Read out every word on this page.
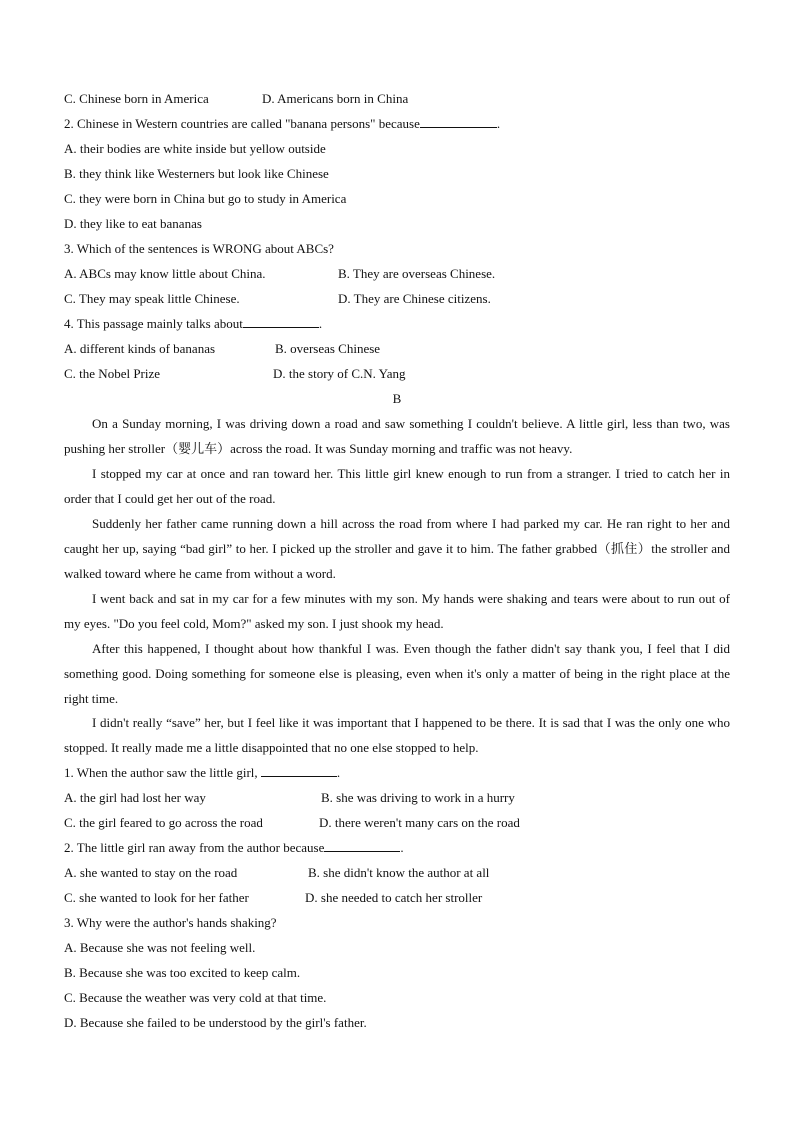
C. Chinese born in America	D. Americans born in China
2. Chinese in Western countries are called "banana persons" because	.
A. their bodies are white inside but yellow outside
B. they think like Westerners but look like Chinese
C. they were born in China but go to study in America
D. they like to eat bananas
3. Which of the sentences is WRONG about ABCs?
A. ABCs may know little about China.	B. They are overseas Chinese.
C. They may speak little Chinese.	D. They are Chinese citizens.
4. This passage mainly talks about	.
A. different kinds of bananas	B. overseas Chinese
C. the Nobel Prize	D. the story of C.N. Yang
B

On a Sunday morning, I was driving down a road and saw something I couldn't believe. A little girl, less than two, was pushing her stroller（婴儿车）across the road. It was Sunday morning and traffic was not heavy.

I stopped my car at once and ran toward her. This little girl knew enough to run from a stranger. I tried to catch her in order that I could get her out of the road.

Suddenly her father came running down a hill across the road from where I had parked my car. He ran right to her and caught her up, saying “bad girl” to her. I picked up the stroller and gave it to him. The father grabbed（抓住）the stroller and walked toward where he came from without a word.

I went back and sat in my car for a few minutes with my son. My hands were shaking and tears were about to run out of my eyes. "Do you feel cold, Mom?" asked my son. I just shook my head.

After this happened, I thought about how thankful I was. Even though the father didn't say thank you, I feel that I did something good. Doing something for someone else is pleasing, even when it's only a matter of being in the right place at the right time.

I didn't really “save” her, but I feel like it was important that I happened to be there. It is sad that I was the only one who stopped. It really made me a little disappointed that no one else stopped to help.

1. When the author saw the little girl,	.
A. the girl had lost her way	B. she was driving to work in a hurry
C. the girl feared to go across the road	D. there weren't many cars on the road
2. The little girl ran away from the author because	.
A. she wanted to stay on the road	B. she didn't know the author at all
C. she wanted to look for her father	D. she needed to catch her stroller
3. Why were the author's hands shaking?
A. Because she was not feeling well.
B. Because she was too excited to keep calm.
C. Because the weather was very cold at that time.
D. Because she failed to be understood by the girl's father.
